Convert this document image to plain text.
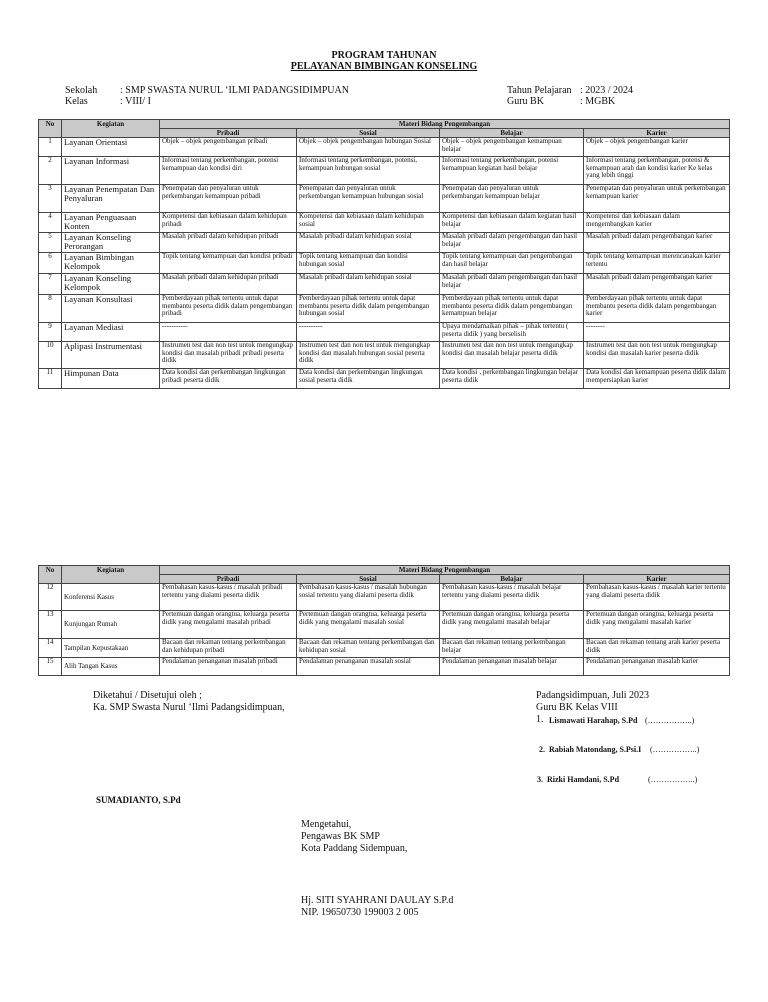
PROGRAM TAHUNAN
PELAYANAN BIMBINGAN KONSELING
Sekolah : SMP SWASTA NURUL ‘ILMI PADANGSIDIMPUAN
Kelas	: VIII/ I
Tahun Pelajaran : 2023 / 2024
Guru BK	: MGBK
No	Kegiatan	Materi Bidang Pengembangan			
		Pribadi	Sosial	Belajar	Karier
1	Layanan Orientasi	Objek – objek pengembangan pribadi	Objek – objek pengembangan hubungan Sosial	Objek – objek pengembangan kemampuan belajar	Objek – objek pengembangan karier
2	Layanan Informasi	Informasi tentang perkembangan, potensi kemampuan dan kondisi diri	Informasi tentang perkembangan, potensi, kemampuan hubungan sosial	Informasi tentang perkembangan, potensi kemampuan kegiatan hasil belajar	Informasi tentang perkembangan, potensi & kemampuan arah dan kondisi karier Ke kelas yang lebih tinggi
3	Layanan Penempatan Dan Penyaluran	Penempatan dan penyaluran untuk perkembangan kemampuan pribadi	Penempatan dan penyaluran untuk perkembangan kemampuan hubungan sosial	Penempatan dan penyaluran untuk perkembangan kemampuan belajar	Penempatan dan penyaluran untuk perkembangan kemampuan karier
4	Layanan Penguasaan Konten	Kompetensi dan kebiasaan dalam kehidupan pribadi	Kompetensi dan kebiasaan dalam kehidupan sosial	Kompetensi dan kebiasaan dalam kegiatan hasil belajar	Kompetensi dan kebiasaan dalam mengembangkan karier
5	Layanan Konseling Perorangan	Masalah pribadi dalam kehidupan pribadi	Masalah pribadi dalam kehidupan sosial	Masalah pribadi dalam pengembangan dan hasil belajar	Masalah pribadi dalam pengembangan karier
6	Layanan Bimbingan Kelompok	Topik tentang kemampuan dan kondisi pribadi	Topik tentang kemampuan dan kondisi hubungan sosial	Topik tentang kemampuan dan pengembangan dan hasil belajar	Topik tentang kemampuan merencanakan karier tertentu
7	Layanan Konseling Kelompok	Masalah pribadi dalam kehidupan pribadi	Masalah pribadi dalam kehidupan sosial	Masalah pribadi dalam pengembangan dan hasil belajar	Masalah pribadi dalam pengembangan karier
8	Layanan Konsultasi	Pemberdayaan pihak tertentu untuk dapat membantu peserta didik dalam pengembangan pribadi	Pemberdayaan pihak tertentu untuk dapat membantu peserta didik dalam pengembangan hubungan sosial	Pemberdayaan pihak tertentu untuk dapat membantu peserta didik dalam pengembangan kemampuan belajar	Pemberdayaan pihak tertentu untuk dapat membantu peserta didik dalam pengembangan karier
9	Layanan Mediasi	-----------	----------	Upaya mendamaikan pihak – pihak tertentu ( peserta didik ) yang berselisih	--------
10	Aplipasi Instrumentasi	Instrumen test dan non test untuk mengungkap kondisi dan masalah pribadi pribadi peserta didik	Instrumen test dan non test untuk mengungkap kondisi dan masalah hubungan sosial peserta didik	Instrumen test dan non test untuk mengungkap kondisi dan masalah belajar peserta didik	Instrumen test dan non test untuk mengungkap kondisi dan masalah karier peserta didik
11	Himpunan Data	Data kondisi dan perkembangan lingkungan pribadi peserta didik	Data kondisi dan perkembangan lingkungan sosial peserta didik	Data kondisi , perkembangan lingkungan belajar peserta didik	Data kondisi dan kemampuan peserta didik dalam mempersiapkan karier
No	Kegiatan	Materi Bidang Pengembangan			
		Pribadi	Sosial	Belajar	Karier
12	Konferensi Kasus	Pembahasan kasus-kasus / masalah pribadi tertentu yang dialami peserta didik	Pembahasan kasus-kasus / masalah hubungan sosial tertentu yang dialami peserta didik	Pembahasan kasus-kasus / masalah belajar tertentu yang dialami peserta didik	Pembahasan kasus-kasus / masalah karier tertentu yang dialami peserta didik
13	Kunjungan Rumah	Pertemuan dangan orangtua, keluarga peserta didik yang mengalami masalah pribadi	Pertemuan dangan orangtua, keluarga peserta didik yang mengalami masalah sosial	Pertemuan dangan orangtua, keluarga peserta didik yang mengalami masalah belajar	Pertemuan dangan orangtua, keluarga peserta didik yang mengalami masalah karier
14	Tampilan Kepustakaan	Bacaan dan rekaman tentang perkembangan dan kehidupan pribadi	Bacaan dan rekaman tentang perkembangan dan kehidupan sosial	Bacaan dan rekaman tentang perkembangan belajar	Bacaan dan rekaman tentang arah karier peserta didik
15	Alih Tangan Kasus	Pendalaman penanganan masalah pribadi	Pendalaman penanganan masalah sosial	Pendalaman penanganan masalah belajar	Pendalaman penanganan masalah karier
Diketahui / Disetujui oleh ;
Ka. SMP Swasta Nurul ‘Ilmi Padangsidimpuan,
SUMADIANTO, S.Pd
Padangsidimpuan, Juli 2023
Guru BK Kelas VIII
1. Lismawati Harahap, S.Pd (……………..)
2. Rabiah Matondang, S.Psi.I (……………..)
3. Rizki Hamdani, S.Pd	(……………..)
Mengetahui,
Pengawas BK SMP
Kota Paddang Sidempuan,
Hj. SITI SYAHRANI DAULAY S.P.d
NIP. 19650730 199003 2 005
